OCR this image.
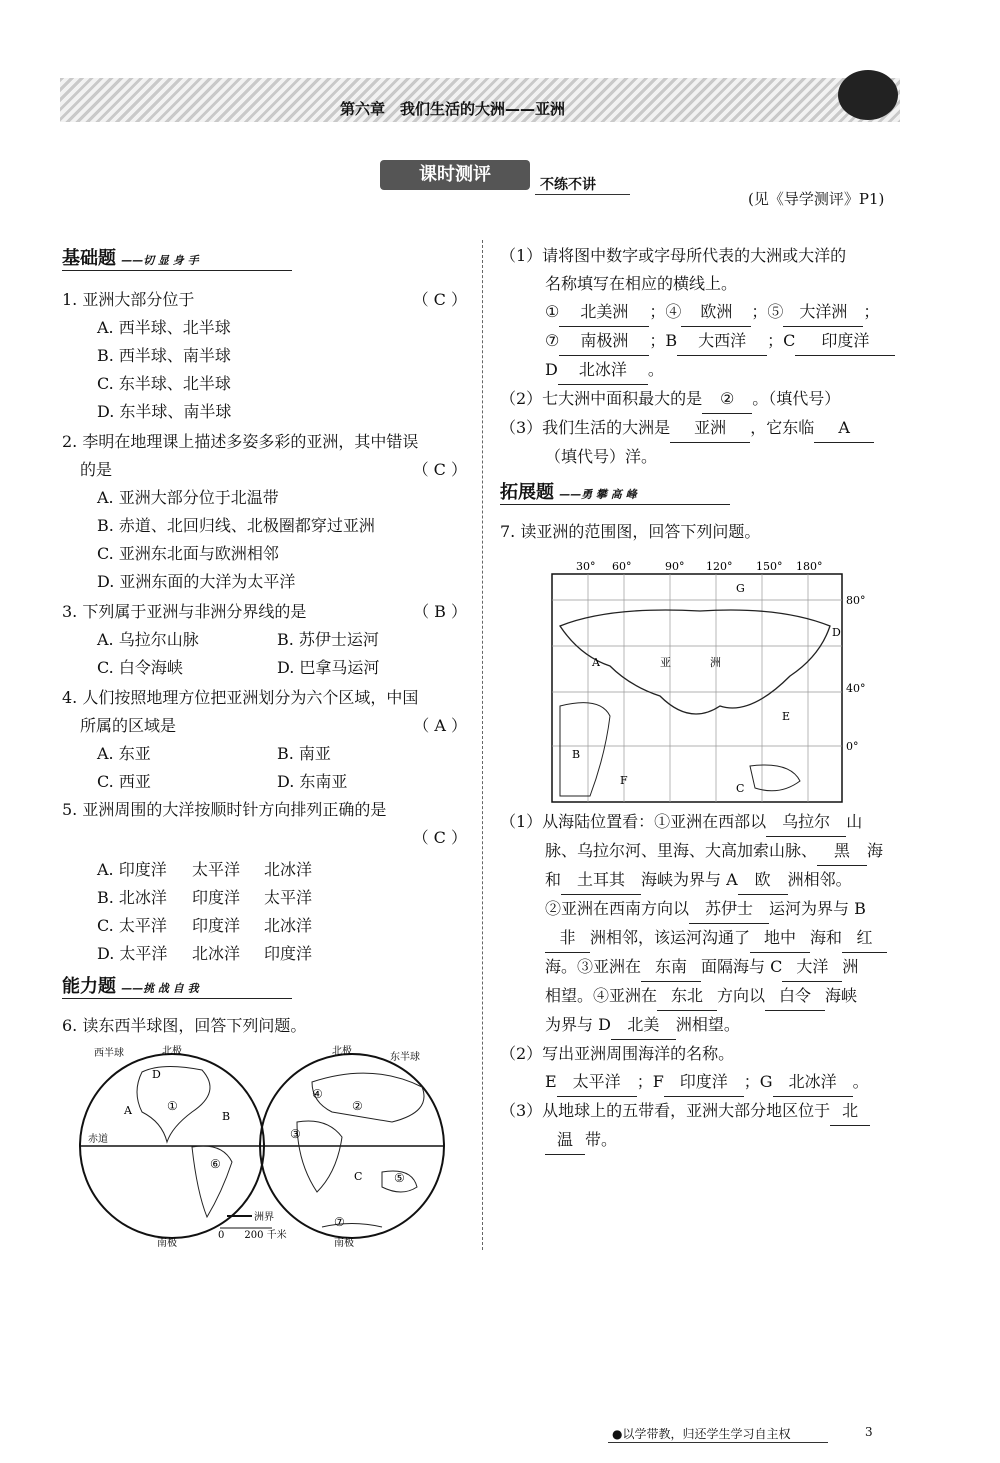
第六章　我们生活的大洲——亚洲
课时测评	不练不讲
(见《导学测评》P1)
基础题 ——切 显 身 手
1. 亚洲大部分位于	（ C ）
A. 西半球、北半球
B. 西半球、南半球
C. 东半球、北半球
D. 东半球、南半球
2. 李明在地理课上描述多姿多彩的亚洲，其中错误
的是	（ C ）
A. 亚洲大部分位于北温带
B. 赤道、北回归线、北极圈都穿过亚洲
C. 亚洲东北面与欧洲相邻
D. 亚洲东面的大洋为太平洋
3. 下列属于亚洲与非洲分界线的是	（ B ）
A. 乌拉尔山脉	B. 苏伊士运河
C. 白令海峡	D. 巴拿马运河
4. 人们按照地理方位把亚洲划分为六个区域，中国
所属的区域是	（ A ）
A. 东亚	B. 南亚
C. 西亚	D. 东南亚
5. 亚洲周围的大洋按顺时针方向排列正确的是
（ C ）
A. 印度洋 太平洋 北冰洋
B. 北冰洋 印度洋 太平洋
C. 太平洋 印度洋 北冰洋
D. 太平洋 北冰洋 印度洋
能力题 ——挑 战 自 我
6. 读东西半球图，回答下列问题。
西半球	北极	北极
东半球
赤道
南极	南极
D
A	B
C
①	②
③
④
⑤
⑥
⑦
洲界
0　　200 千米
（1）请将图中数字或字母所代表的大洲或大洋的
名称填写在相应的横线上。
① 北美洲 ；④ 欧洲 ；⑤ 大洋洲 ；
⑦ 南极洲 ；B 大西洋 ；C 印度洋
D 北冰洋 。
（2）七大洲中面积最大的是 ② 。（填代号）
（3）我们生活的大洲是 亚洲 ，它东临 A
（填代号）洋。
拓展题 ——勇 攀 高 峰
7. 读亚洲的范围图，回答下列问题。
30° 60°	90° 120° 150° 180°
80°
40°
0°
A
B
C
D
E
F
G
亚	洲
（1）从海陆位置看：①亚洲在西部以 乌拉尔 山
脉、乌拉尔河、里海、大高加索山脉、 黑 海
和 土耳其 海峡为界与 A 欧 洲相邻。
②亚洲在西南方向以 苏伊士 运河为界与 B
非 洲相邻，该运河沟通了 地中 海和 红
海。③亚洲在 东南 面隔海与 C 大洋 洲
相望。④亚洲在 东北 方向以 白令 海峡
为界与 D 北美 洲相望。
（2）写出亚洲周围海洋的名称。
E 太平洋 ；F 印度洋 ；G 北冰洋 。
（3）从地球上的五带看，亚洲大部分地区位于 北
温 带。
●以学带教，归还学生学习自主权	3
